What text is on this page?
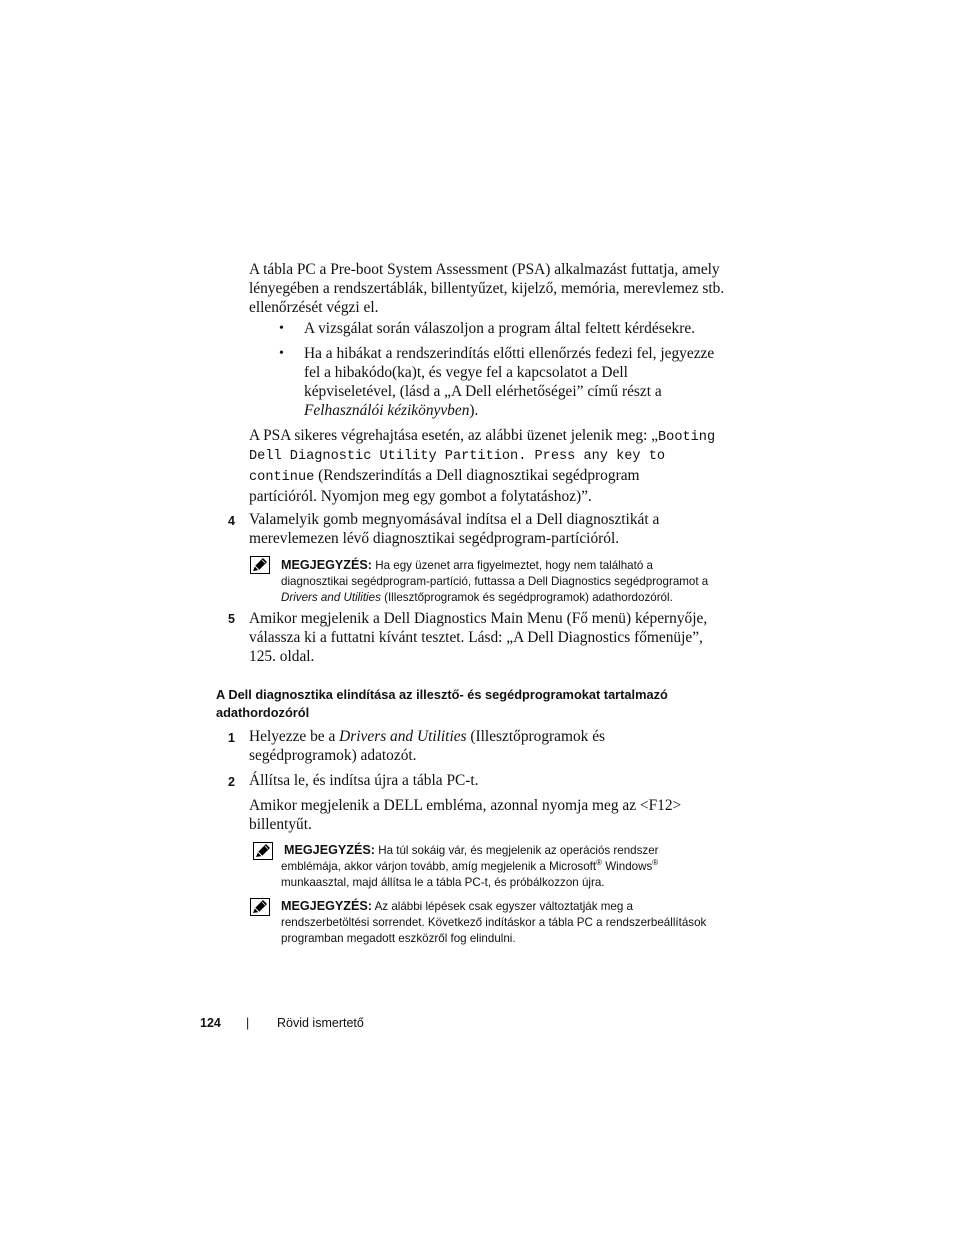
A tábla PC a Pre-boot System Assessment (PSA) alkalmazást futtatja, amely
lényegében a rendszertáblák, billentyűzet, kijelző, memória, merevlemez stb.
ellenőrzését végzi el.
•	A vizsgálat során válaszoljon a program által feltett kérdésekre.
• Ha a hibákat a rendszerindítás előtti ellenőrzés fedezi fel, jegyezze
fel a hibakódo(ka)t, és vegye fel a kapcsolatot a Dell
képviseletével, (lásd a „A Dell elérhetőségei” című részt a
Felhasználói kézikönyvben).
A PSA sikeres végrehajtása esetén, az alábbi üzenet jelenik meg: „Booting
Dell Diagnostic Utility Partition. Press any key to
continue (Rendszerindítás a Dell diagnosztikai segédprogram
partícióról. Nyomjon meg egy gombot a folytatáshoz)”.
4 Valamelyik gomb megnyomásával indítsa el a Dell diagnosztikát a
merevlemezen lévő diagnosztikai segédprogram-partícióról.
MEGJEGYZÉS: Ha egy üzenet arra figyelmeztet, hogy nem található a
diagnosztikai segédprogram-partíció, futtassa a Dell Diagnostics segédprogramot a
Drivers and Utilities (Illesztőprogramok és segédprogramok) adathordozóról.
5 Amikor megjelenik a Dell Diagnostics Main Menu (Fő menü) képernyője,
válassza ki a futtatni kívánt tesztet. Lásd: „A Dell Diagnostics főmenüje”,
125. oldal.
A Dell diagnosztika elindítása az illesztő- és segédprogramokat tartalmazó
adathordozóról
1 Helyezze be a Drivers and Utilities (Illesztőprogramok és
segédprogramok) adatozót.
2 Állítsa le, és indítsa újra a tábla PC-t.
Amikor megjelenik a DELL embléma, azonnal nyomja meg az <F12>
billentyűt.
MEGJEGYZÉS: Ha túl sokáig vár, és megjelenik az operációs rendszer
emblémája, akkor várjon tovább, amíg megjelenik a Microsoft® Windows®
munkaasztal, majd állítsa le a tábla PC-t, és próbálkozzon újra.
MEGJEGYZÉS: Az alábbi lépések csak egyszer változtatják meg a
rendszerbetöltési sorrendet. Következő indításkor a tábla PC a rendszerbeállítások
programban megadott eszközről fog elindulni.
124 | Rövid ismertető
